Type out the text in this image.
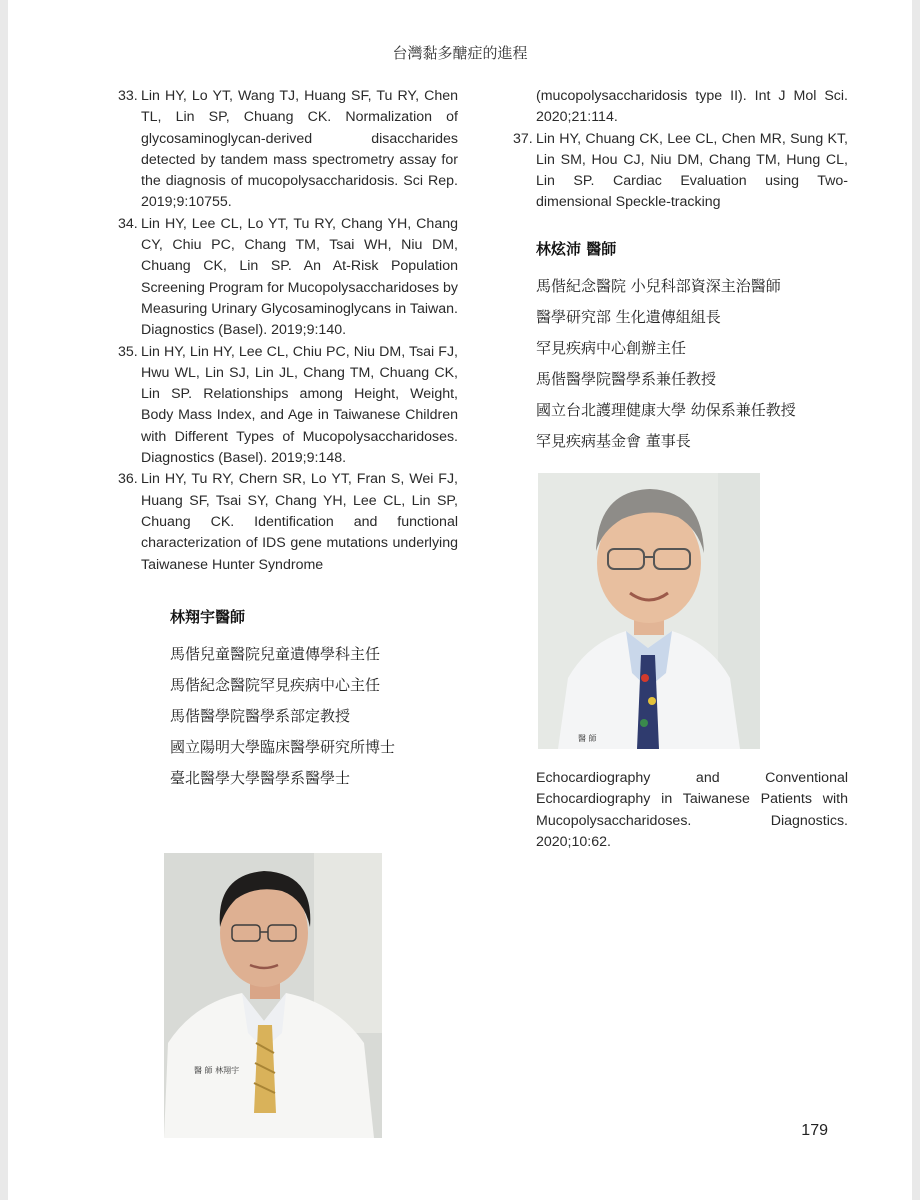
台灣黏多醣症的進程
33. Lin HY, Lo YT, Wang TJ, Huang SF, Tu RY, Chen TL, Lin SP, Chuang CK. Normalization of glycosaminoglycan-derived disaccharides detected by tandem mass spectrometry assay for the diagnosis of mucopolysaccharidosis. Sci Rep. 2019;9:10755.
34. Lin HY, Lee CL, Lo YT, Tu RY, Chang YH, Chang CY, Chiu PC, Chang TM, Tsai WH, Niu DM, Chuang CK, Lin SP. An At-Risk Population Screening Program for Mucopolysaccharidoses by Measuring Urinary Glycosaminoglycans in Taiwan. Diagnostics (Basel). 2019;9:140.
35. Lin HY, Lin HY, Lee CL, Chiu PC, Niu DM, Tsai FJ, Hwu WL, Lin SJ, Lin JL, Chang TM, Chuang CK, Lin SP. Relationships among Height, Weight, Body Mass Index, and Age in Taiwanese Children with Different Types of Mucopolysaccharidoses. Diagnostics (Basel). 2019;9:148.
36. Lin HY, Tu RY, Chern SR, Lo YT, Fran S, Wei FJ, Huang SF, Tsai SY, Chang YH, Lee CL, Lin SP, Chuang CK. Identification and functional characterization of IDS gene mutations underlying Taiwanese Hunter Syndrome

林翔宇醫師

馬偕兒童醫院兒童遺傳學科主任

馬偕紀念醫院罕見疾病中心主任

馬偕醫學院醫學系部定教授

國立陽明大學臨床醫學研究所博士

臺北醫學大學醫學系醫學士

(mucopolysaccharidosis type II). Int J Mol Sci. 2020;21:114.

37. Lin HY, Chuang CK, Lee CL, Chen MR, Sung KT, Lin SM, Hou CJ, Niu DM, Chang TM, Hung CL, Lin SP. Cardiac Evaluation using Two-dimensional Speckle-tracking

林炫沛 醫師

馬偕紀念醫院 小兒科部資深主治醫師

醫學研究部 生化遺傳組組長

罕見疾病中心創辦主任

馬偕醫學院醫學系兼任教授

國立台北護理健康大學 幼保系兼任教授

罕見疾病基金會 董事長

Echocardiography and Conventional Echocardiography in Taiwanese Patients with Mucopolysaccharidoses. Diagnostics. 2020;10:62.

醫 師
醫 師 林翔宇
179
